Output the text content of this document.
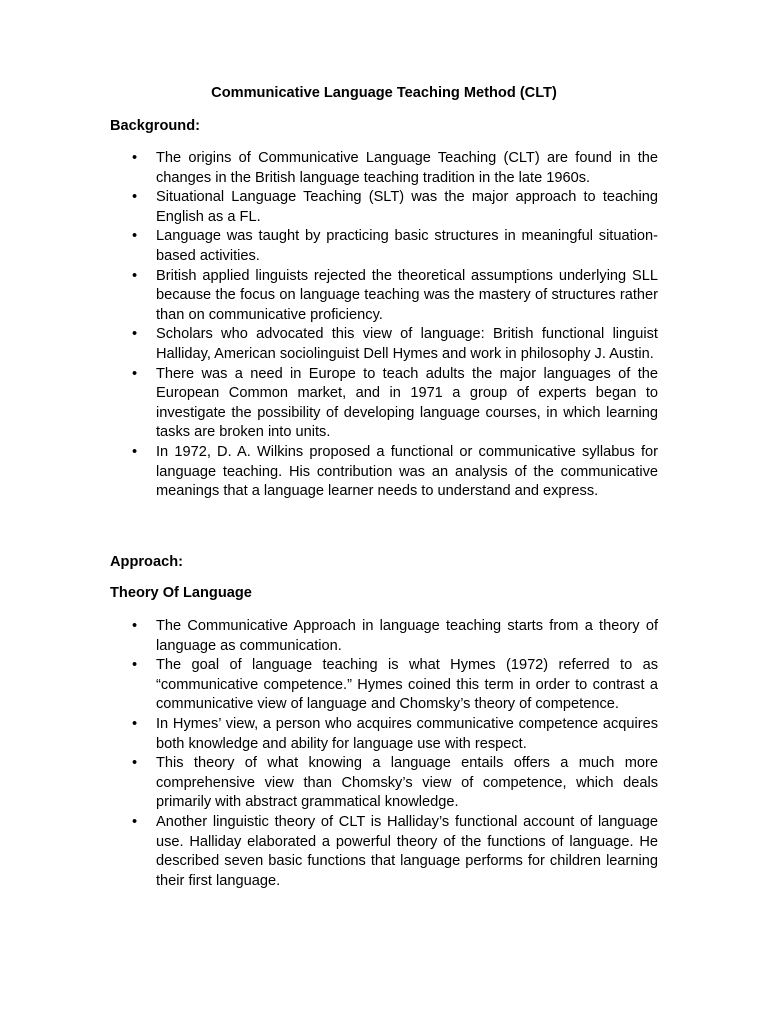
Communicative Language Teaching Method (CLT)
Background:
• The origins of Communicative Language Teaching (CLT) are found in the changes in the British language teaching tradition in the late 1960s.
• Situational Language Teaching (SLT) was the major approach to teaching English as a FL.
• Language was taught by practicing basic structures in meaningful situation-based activities.
• British applied linguists rejected the theoretical assumptions underlying SLL because the focus on language teaching was the mastery of structures rather than on communicative proficiency.
• Scholars who advocated this view of language: British functional linguist Halliday, American sociolinguist Dell Hymes and work in philosophy J. Austin.
• There was a need in Europe to teach adults the major languages of the European Common market, and in 1971 a group of experts began to investigate the possibility of developing language courses, in which learning tasks are broken into units.
• In 1972, D. A. Wilkins proposed a functional or communicative syllabus for language teaching. His contribution was an analysis of the communicative meanings that a language learner needs to understand and express.
Approach:
Theory Of Language
• The Communicative Approach in language teaching starts from a theory of language as communication.
• The goal of language teaching is what Hymes (1972) referred to as “communicative competence.” Hymes coined this term in order to contrast a communicative view of language and Chomsky’s theory of competence.
• In Hymes’ view, a person who acquires communicative competence acquires both knowledge and ability for language use with respect.
• This theory of what knowing a language entails offers a much more comprehensive view than Chomsky’s view of competence, which deals primarily with abstract grammatical knowledge.
• Another linguistic theory of CLT is Halliday’s functional account of language use. Halliday elaborated a powerful theory of the functions of language. He described seven basic functions that language performs for children learning their first language.
